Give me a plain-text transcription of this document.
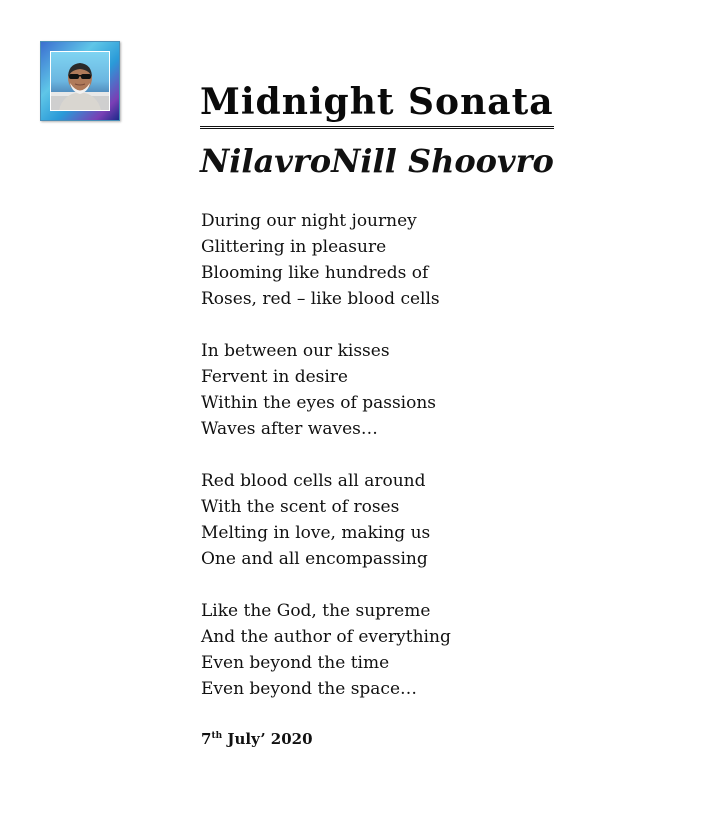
Midnight Sonata
NilavroNill Shoovro
During our night journey
Glittering in pleasure
Blooming like hundreds of
Roses, red – like blood cells
In between our kisses
Fervent in desire
Within the eyes of passions
Waves after waves…
Red blood cells all around
With the scent of roses
Melting in love, making us
One and all encompassing
Like the God, the supreme
And the author of everything
Even beyond the time
Even beyond the space…
7th July’ 2020
